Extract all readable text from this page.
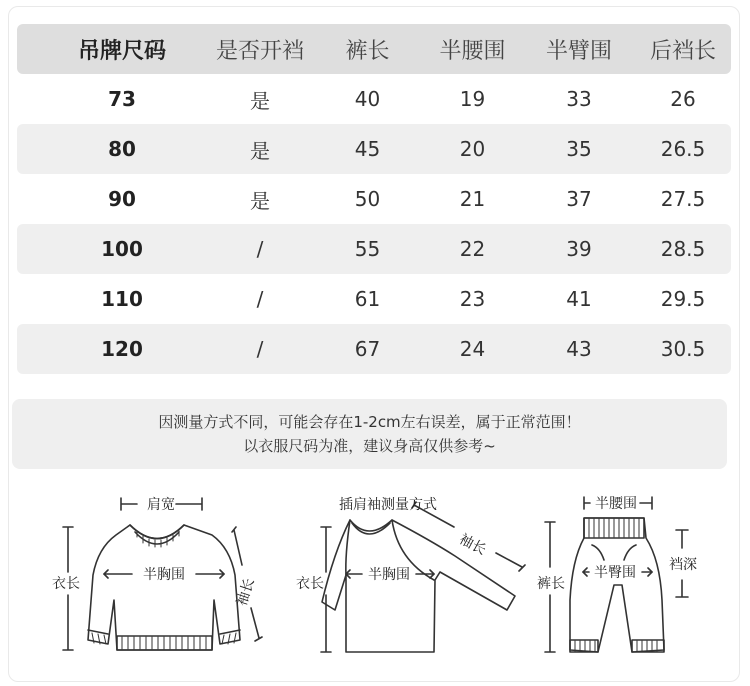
吊牌尺码	是否开裆	裤长	半腰围	半臂围	后裆长
73	是	40	19	33	26
80	是	45	20	35	26.5
90	是	50	21	37	27.5
100	/	55	22	39	28.5
110	/	61	23	41	29.5
120	/	67	24	43	30.5
因测量方式不同，可能会存在1-2cm左右误差，属于正常范围！
以衣服尺码为准，建议身高仅供参考~
肩宽
衣长
半胸围
袖长
插肩袖测量方式
袖长
衣长
半胸围
半腰围
裤长
半臀围 裆深
